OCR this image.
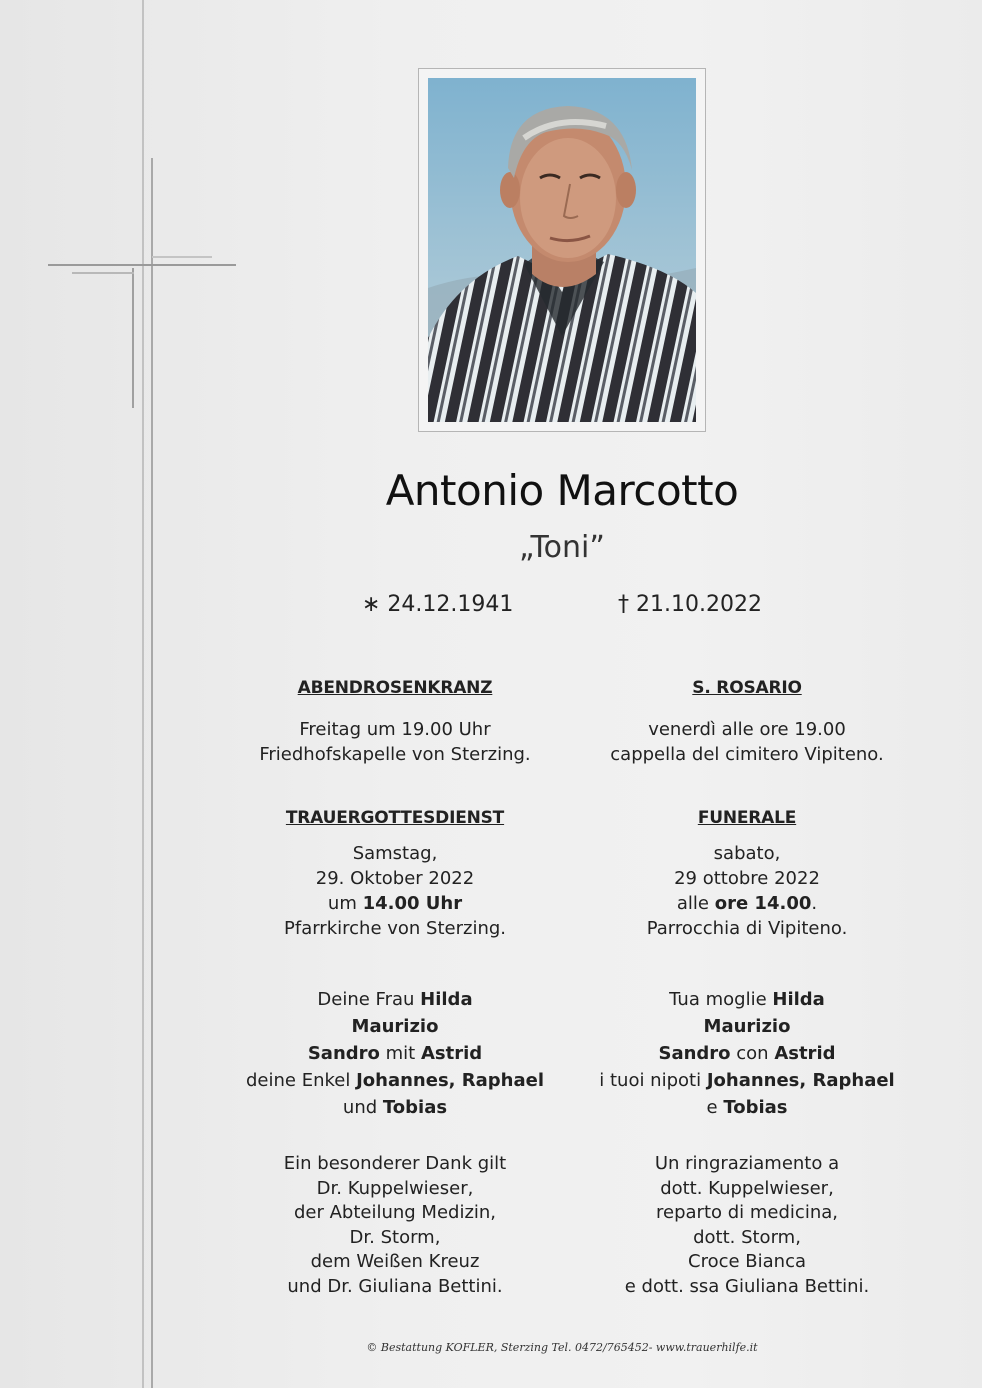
Antonio Marcotto
„Toni”
∗ 24.12.1941	† 21.10.2022
ABENDROSENKRANZ
Freitag um 19.00 Uhr
Friedhofskapelle von Sterzing.
S. ROSARIO
venerdì alle ore 19.00
cappella del cimitero Vipiteno.
TRAUERGOTTESDIENST
Samstag,
29. Oktober 2022
um 14.00 Uhr
Pfarrkirche von Sterzing.
FUNERALE
sabato,
29 ottobre 2022
alle ore 14.00.
Parrocchia di Vipiteno.
Deine Frau Hilda
Maurizio
Sandro mit Astrid
deine Enkel Johannes, Raphael
und Tobias
Tua moglie Hilda
Maurizio
Sandro con Astrid
i tuoi nipoti Johannes, Raphael
e Tobias
Ein besonderer Dank gilt
Dr. Kuppelwieser,
der Abteilung Medizin,
Dr. Storm,
dem Weißen Kreuz
und Dr. Giuliana Bettini.
Un ringraziamento a
dott. Kuppelwieser,
reparto di medicina,
dott. Storm,
Croce Bianca
e dott. ssa Giuliana Bettini.
© Bestattung KOFLER, Sterzing Tel. 0472/765452- www.trauerhilfe.it
